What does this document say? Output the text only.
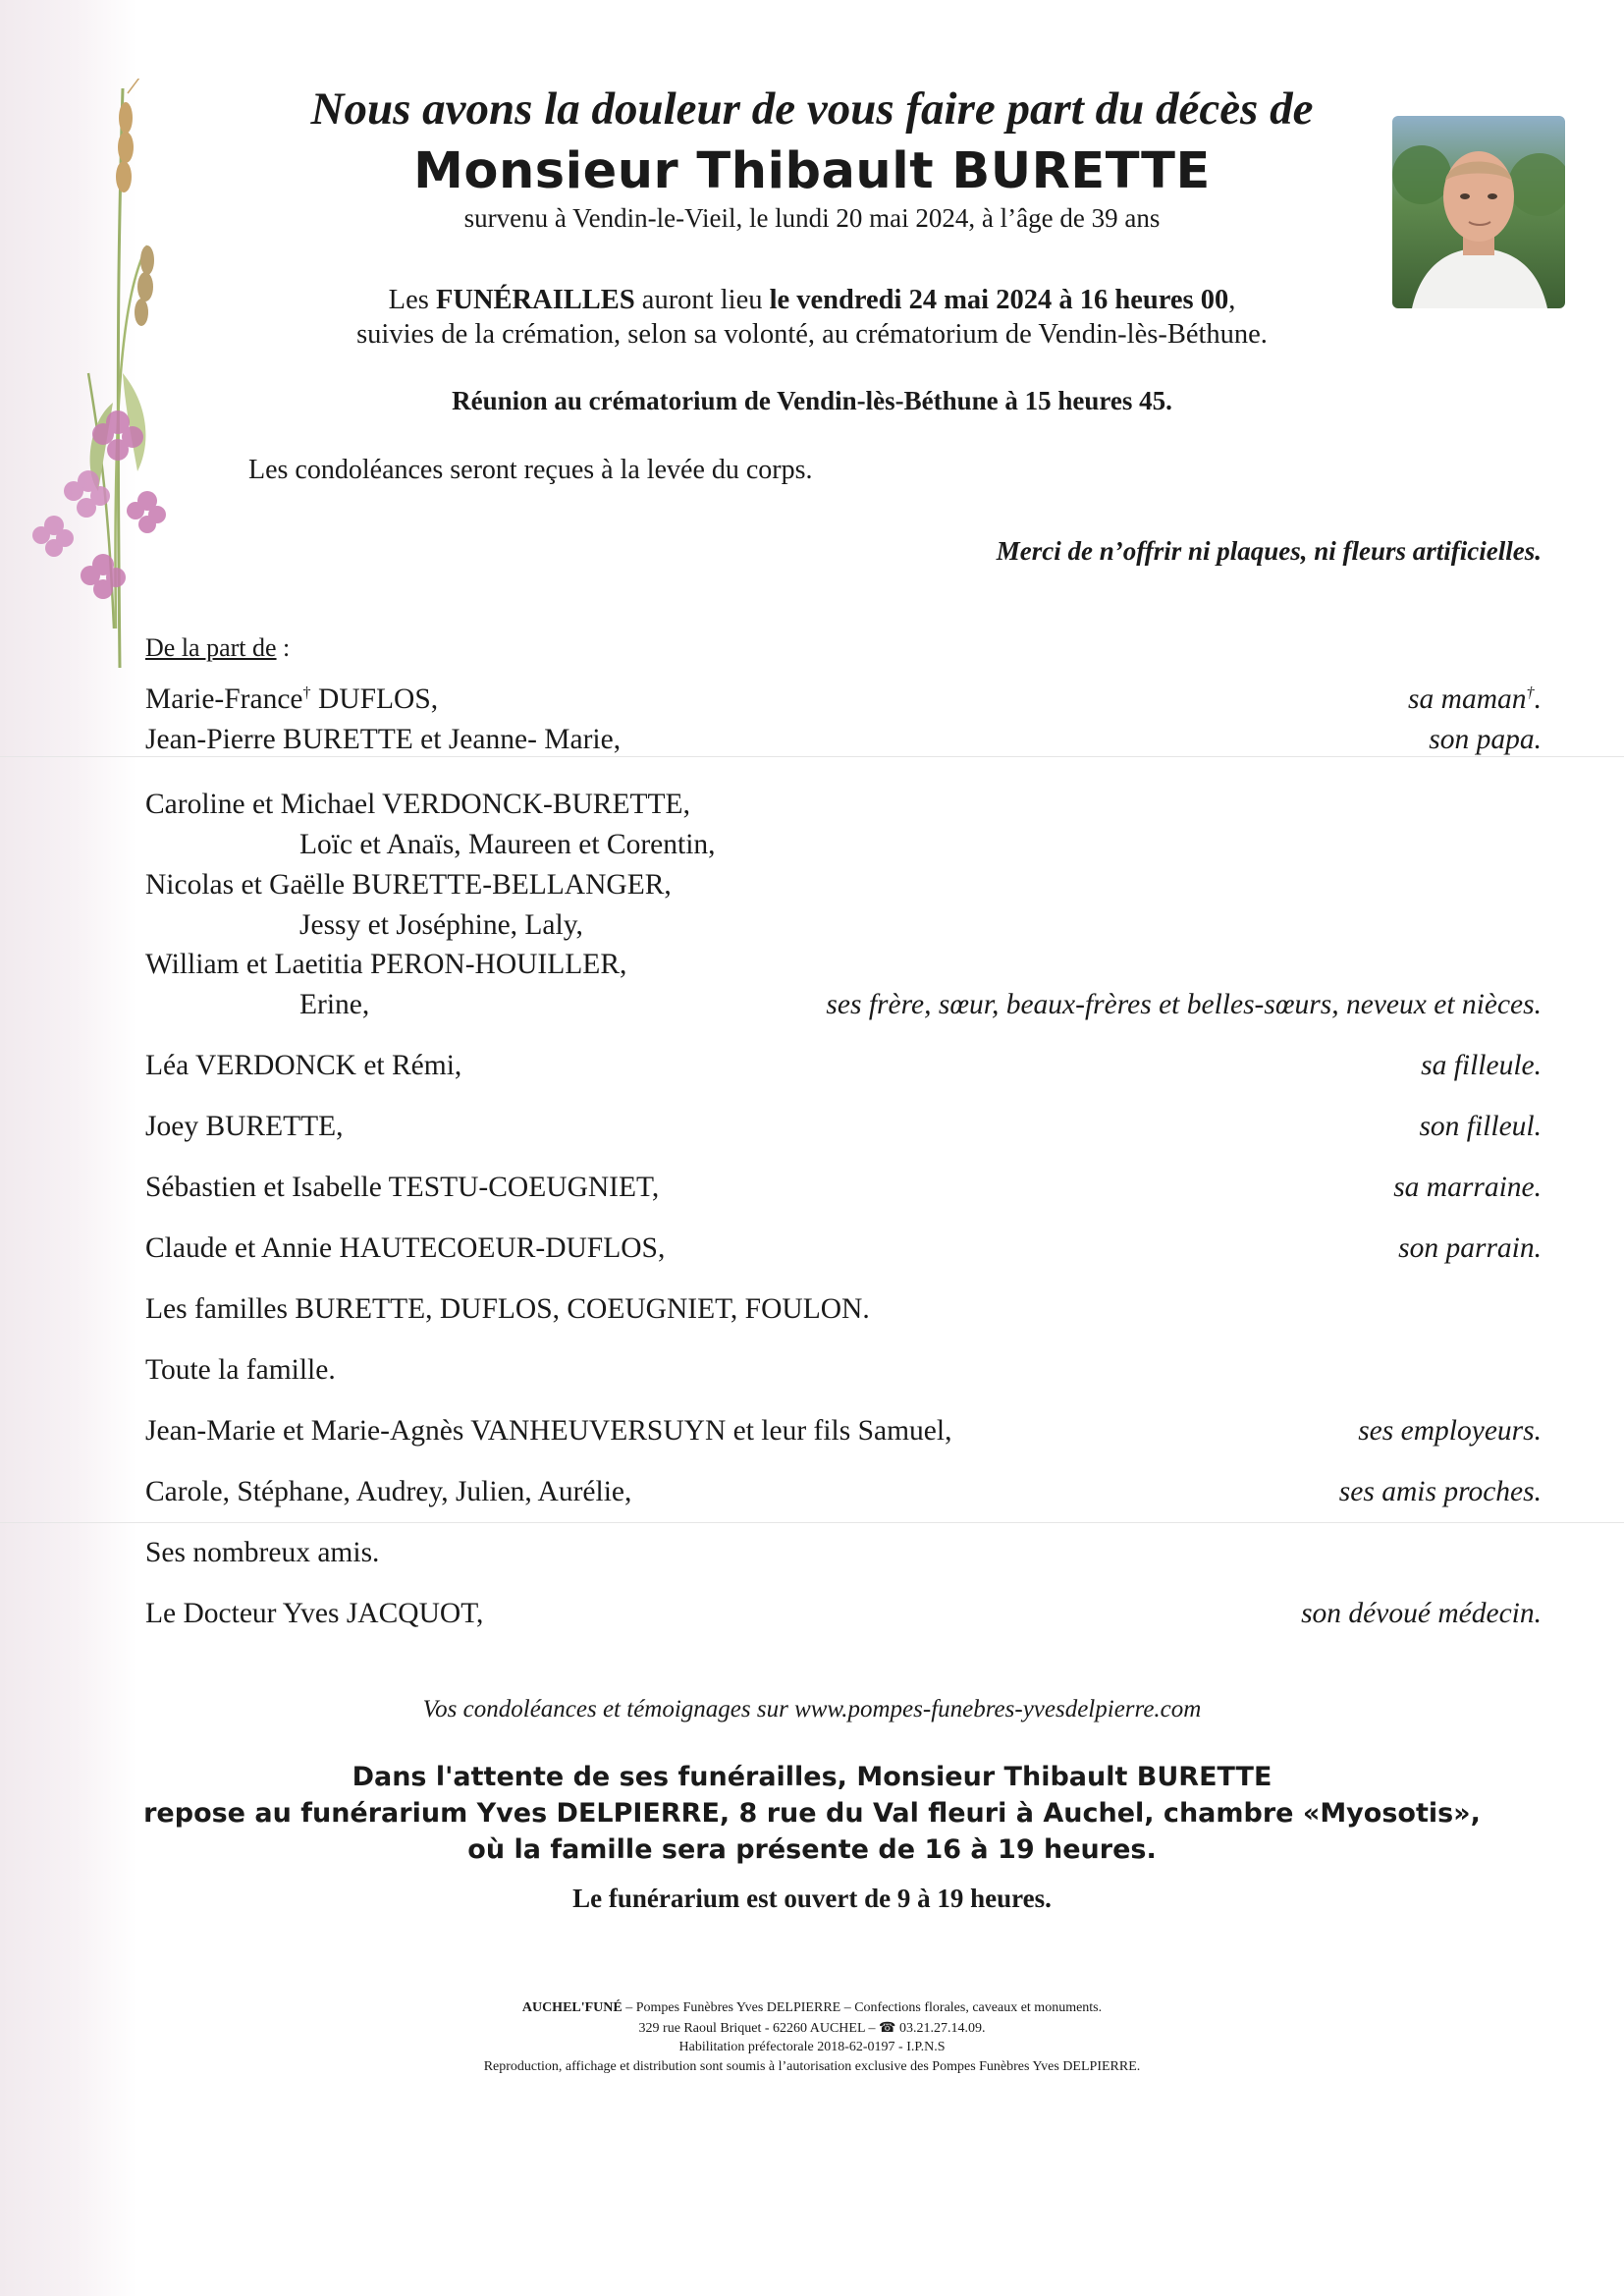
Nous avons la douleur de vous faire part du décès de
Monsieur Thibault BURETTE
survenu à Vendin-le-Vieil, le lundi 20 mai 2024, à l’âge de 39 ans
Les FUNÉRAILLES auront lieu le vendredi 24 mai 2024 à 16 heures 00,
suivies de la crémation, selon sa volonté, au crématorium de Vendin-lès-Béthune.
Réunion au crématorium de Vendin-lès-Béthune à 15 heures 45.
Les condoléances seront reçues à la levée du corps.
Merci de n’offrir ni plaques, ni fleurs artificielles.
De la part de :
Marie-France† DUFLOS,	sa maman†.
Jean-Pierre BURETTE et Jeanne- Marie,	son papa.
Caroline et Michael VERDONCK-BURETTE,
Loïc et Anaïs, Maureen et Corentin,
Nicolas et Gaëlle BURETTE-BELLANGER,
Jessy et Joséphine, Laly,
William et Laetitia PERON-HOUILLER,
Erine,	ses frère, sœur, beaux-frères et belles-sœurs, neveux et nièces.
Léa VERDONCK et Rémi,	sa filleule.
Joey BURETTE,	son filleul.
Sébastien et Isabelle TESTU-COEUGNIET,	sa marraine.
Claude et Annie HAUTECOEUR-DUFLOS,	son parrain.
Les familles BURETTE, DUFLOS, COEUGNIET, FOULON.
Toute la famille.
Jean-Marie et Marie-Agnès VANHEUVERSUYN et leur fils Samuel,	ses employeurs.
Carole, Stéphane, Audrey, Julien, Aurélie,	ses amis proches.
Ses nombreux amis.
Le Docteur Yves JACQUOT,	son dévoué médecin.
Vos condoléances et témoignages sur www.pompes-funebres-yvesdelpierre.com
Dans l'attente de ses funérailles, Monsieur Thibault BURETTE
repose au funérarium Yves DELPIERRE, 8 rue du Val fleuri à Auchel, chambre «Myosotis»,
où la famille sera présente de 16 à 19 heures.
Le funérarium est ouvert de 9 à 19 heures.
AUCHEL'FUNÉ – Pompes Funèbres Yves DELPIERRE – Confections florales, caveaux et monuments.
329 rue Raoul Briquet - 62260 AUCHEL – ☎ 03.21.27.14.09.
Habilitation préfectorale 2018-62-0197 - I.P.N.S
Reproduction, affichage et distribution sont soumis à l’autorisation exclusive des Pompes Funèbres Yves DELPIERRE.
